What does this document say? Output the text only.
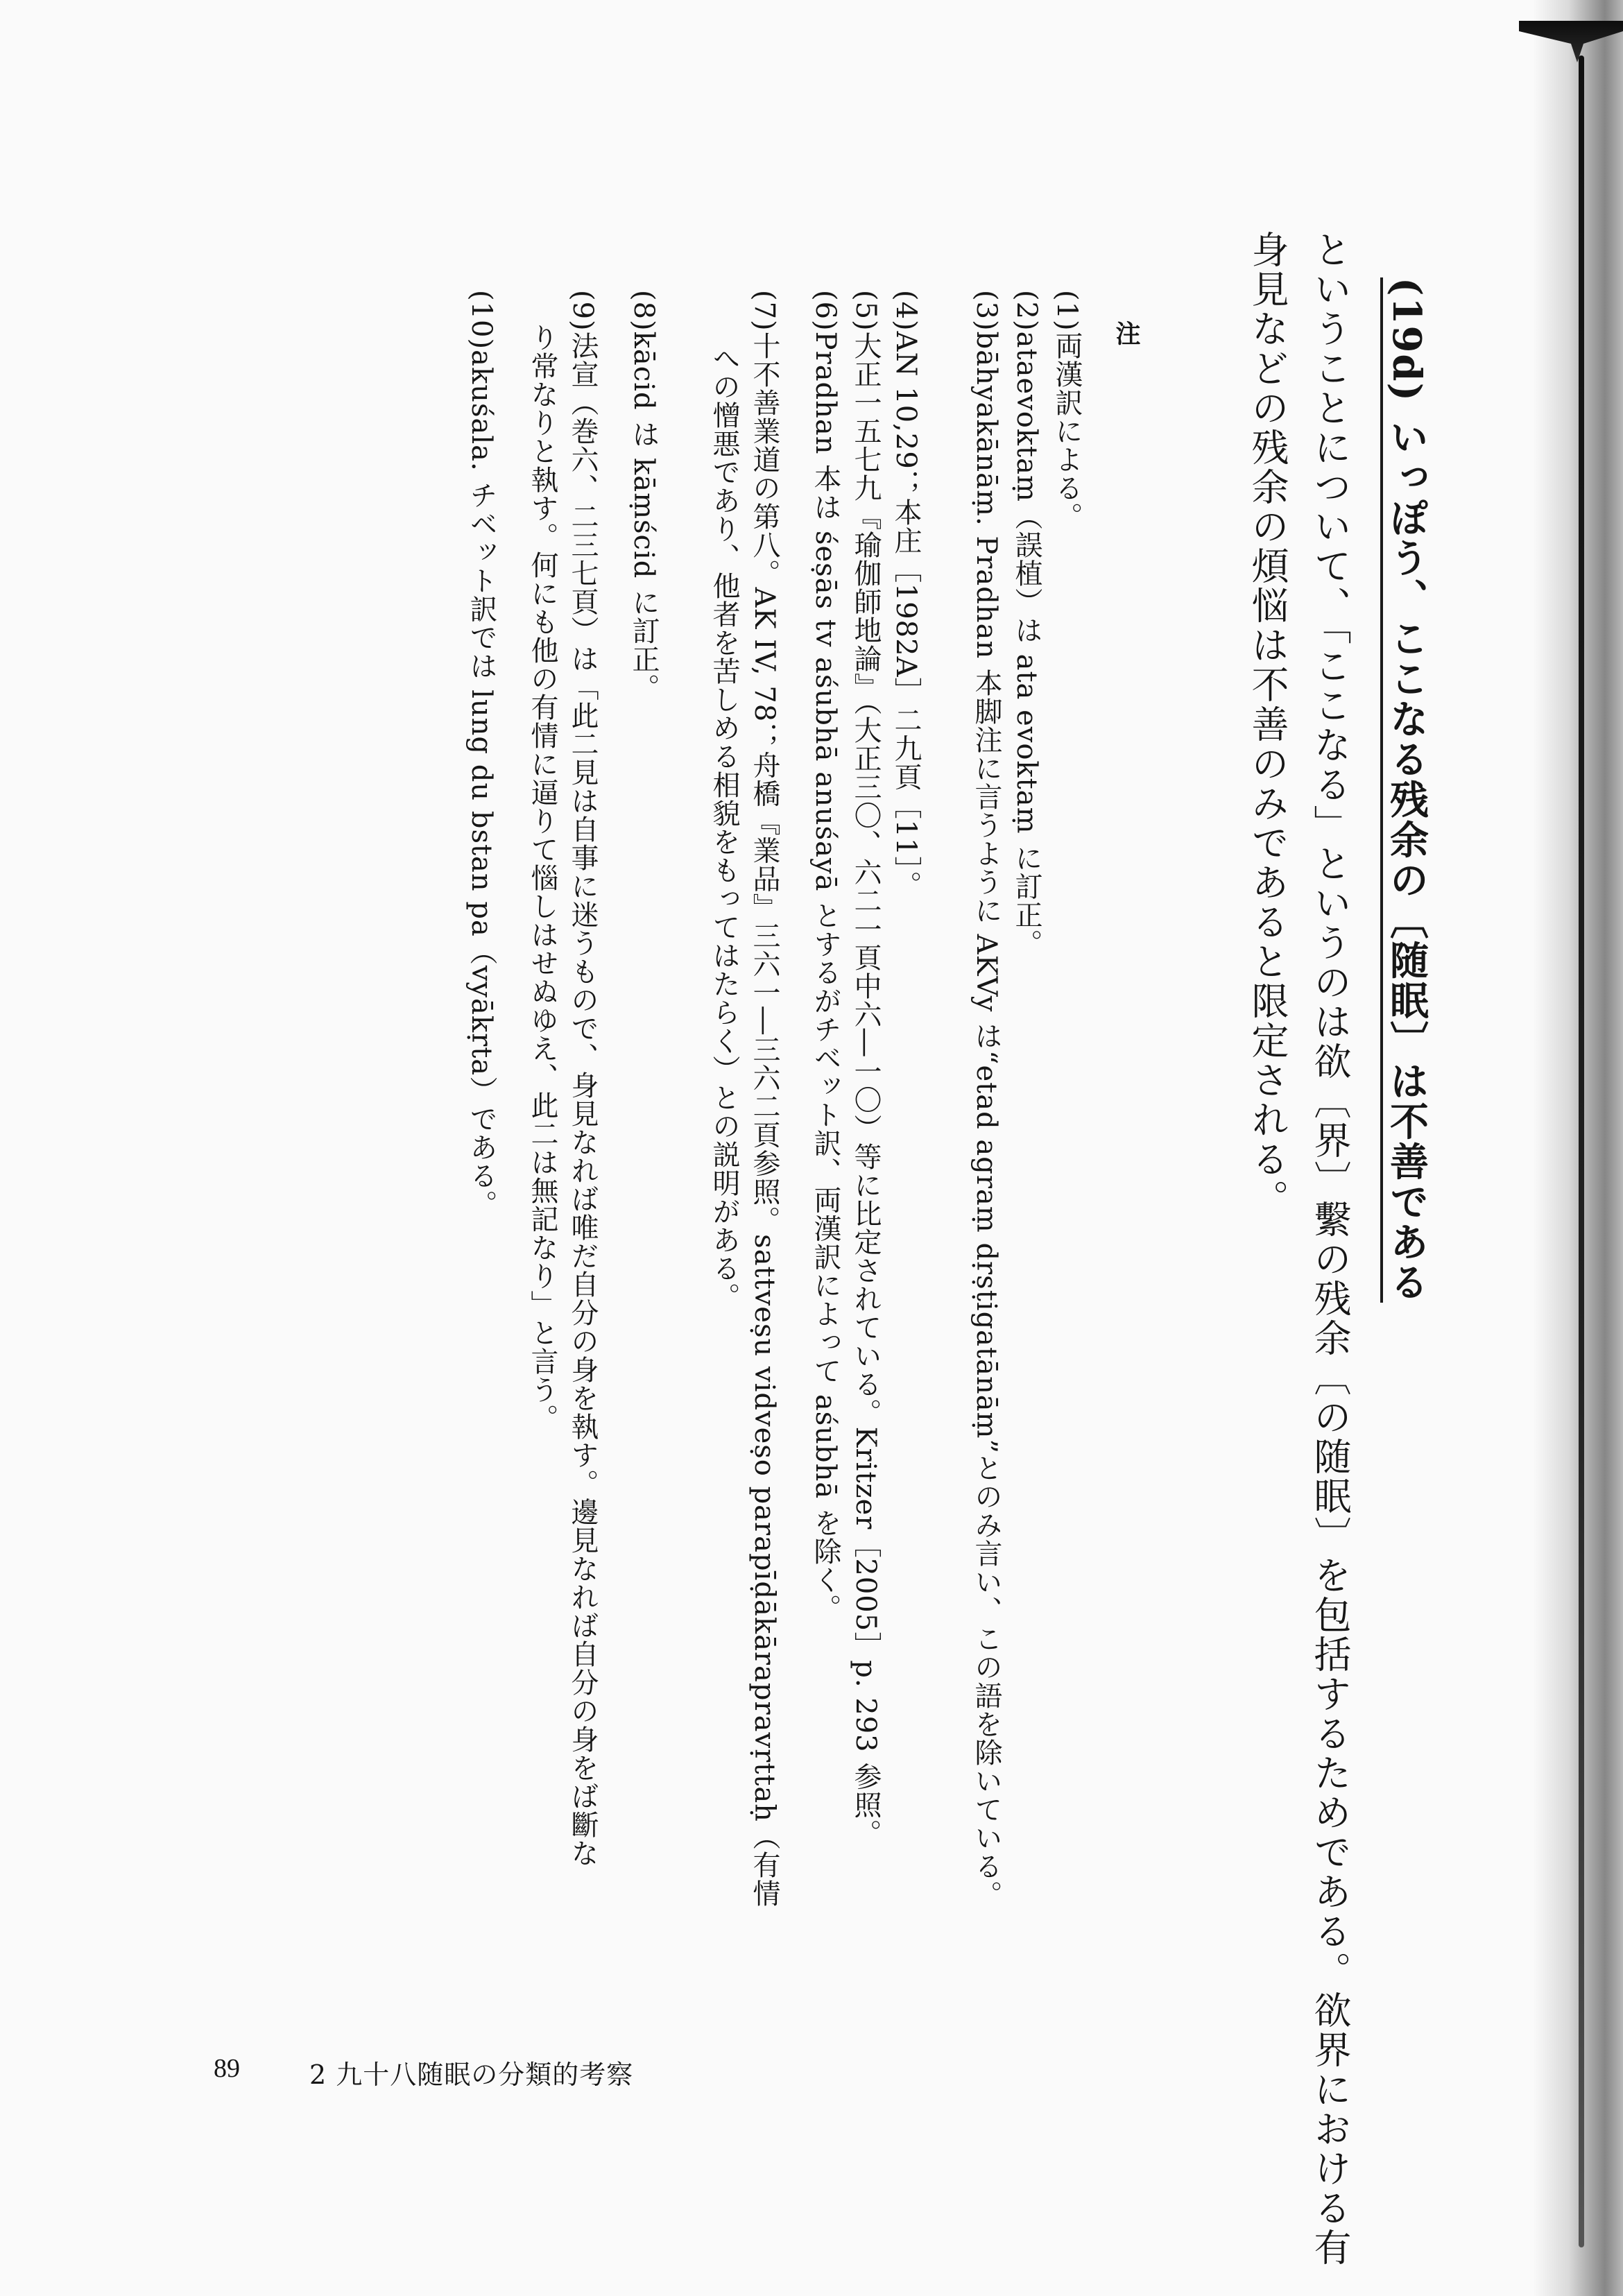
(19d) いっぽう、ここなる残余の〔随眠〕は不善である
ということについて、「ここなる」というのは欲〔界〕繫の残余〔の随眠〕を包括するためである。欲界における有
身見などの残余の煩悩は不善のみであると限定される。
注
(1)両漢訳による。
(2)ataevoktaṃ（誤植）は ata evoktaṃ に訂正。
(3)bāhyakānāṃ. Pradhan 本脚注に言うように AKVy は“etad agraṃ dṛṣṭigatānāṃ”とのみ言い、この語を除いている。
(4)AN 10,29；本庄［1982A］二九頁［11］。
(5)大正一五七九『瑜伽師地論』（大正三〇、六二一頁中六―一〇）等に比定されている。Kritzer［2005］p. 293 参照。
(6)Pradhan 本は śeṣās tv aśubhā anuśayā とするがチベット訳、両漢訳によって aśubhā を除く。
(7)十不善業道の第八。AK IV, 78；舟橋『業品』三六一―三六二頁参照。sattveṣu vidveṣo parapīḍākārapravṛttaḥ（有情
への憎悪であり、他者を苦しめる相貌をもってはたらく）との説明がある。
(8)kācid は kāṃścid に訂正。
(9)法宣（巻六、二三七頁）は「此二見は自事に迷うもので、身見なれば唯だ自分の身を執す。邊見なれば自分の身をば斷な
り常なりと執す。何にも他の有情に逼りて惱しはせぬゆえ、此二は無記なり」と言う。
(10)akuśala. チベット訳では lung du bstan pa（vyākṛta）である。
89	2 九十八随眠の分類的考察
